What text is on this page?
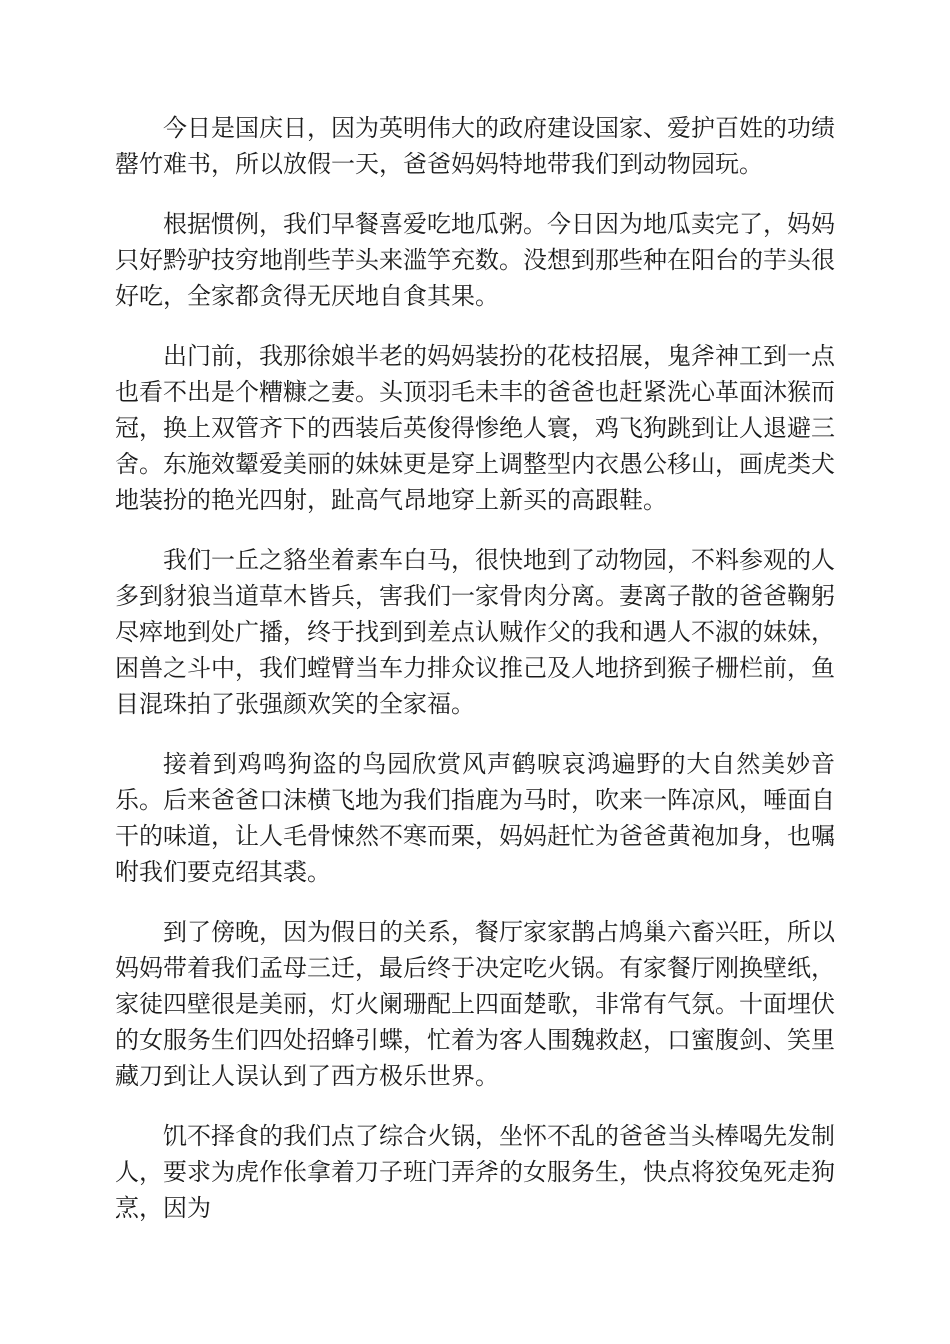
今日是国庆日，因为英明伟大的政府建设国家、爱护百姓的功绩罄竹难书，所以放假一天，爸爸妈妈特地带我们到动物园玩。

根据惯例，我们早餐喜爱吃地瓜粥。今日因为地瓜卖完了，妈妈只好黔驴技穷地削些芋头来滥竽充数。没想到那些种在阳台的芋头很好吃，全家都贪得无厌地自食其果。

出门前，我那徐娘半老的妈妈装扮的花枝招展，鬼斧神工到一点也看不出是个糟糠之妻。头顶羽毛未丰的爸爸也赶紧洗心革面沐猴而冠，换上双管齐下的西装后英俊得惨绝人寰，鸡飞狗跳到让人退避三舍。东施效颦爱美丽的妹妹更是穿上调整型内衣愚公移山，画虎类犬地装扮的艳光四射，趾高气昂地穿上新买的高跟鞋。

我们一丘之貉坐着素车白马，很快地到了动物园，不料参观的人多到豺狼当道草木皆兵，害我们一家骨肉分离。妻离子散的爸爸鞠躬尽瘁地到处广播，终于找到到差点认贼作父的我和遇人不淑的妹妹，困兽之斗中，我们螳臂当车力排众议推己及人地挤到猴子栅栏前，鱼目混珠拍了张强颜欢笑的全家福。

接着到鸡鸣狗盗的鸟园欣赏风声鹤唳哀鸿遍野的大自然美妙音乐。后来爸爸口沫横飞地为我们指鹿为马时，吹来一阵凉风，唾面自干的味道，让人毛骨悚然不寒而栗，妈妈赶忙为爸爸黄袍加身，也嘱咐我们要克绍其裘。

到了傍晚，因为假日的关系，餐厅家家鹊占鸠巢六畜兴旺，所以妈妈带着我们孟母三迁，最后终于决定吃火锅。有家餐厅刚换壁纸，家徒四壁很是美丽，灯火阑珊配上四面楚歌，非常有气氛。十面埋伏的女服务生们四处招蜂引蝶，忙着为客人围魏救赵，口蜜腹剑、笑里藏刀到让人误认到了西方极乐世界。

饥不择食的我们点了综合火锅，坐怀不乱的爸爸当头棒喝先发制人，要求为虎作伥拿着刀子班门弄斧的女服务生，快点将狡兔死走狗烹，因为
